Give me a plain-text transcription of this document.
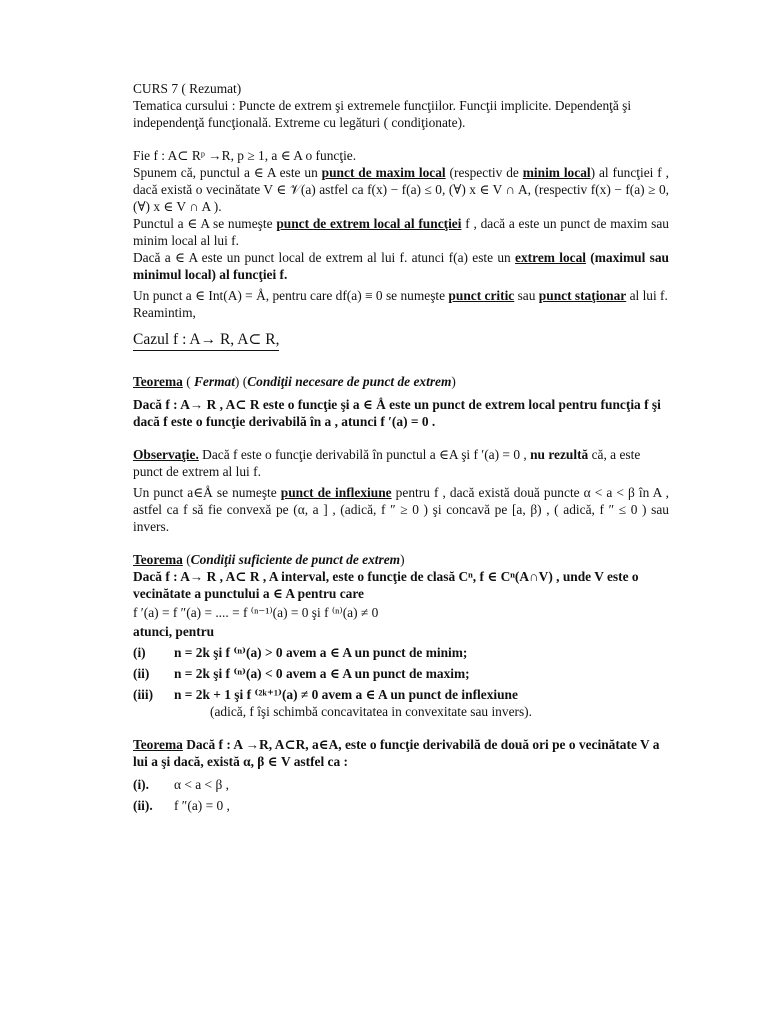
CURS 7 ( Rezumat)

Tematica cursului : Puncte de extrem şi extremele funcţiilor. Funcţii implicite. Dependenţă şi independenţă funcţională. Extreme cu legături ( condiţionate).

Fie f : A⊂ Rᵖ →R, p ≥ 1, a ∈ A o funcţie.

Spunem că, punctul a ∈ A este un punct de maxim local (respectiv de minim local) al funcţiei f , dacă există o vecinătate V ∈ 𝒱(a) astfel ca f(x) − f(a) ≤ 0, (∀) x ∈ V ∩ A, (respectiv f(x) − f(a) ≥ 0, (∀) x ∈ V ∩ A ).

Punctul a ∈ A se numeşte punct de extrem local al funcţiei f , dacă a este un punct de maxim sau minim local al lui f.

Dacă a ∈ A este un punct local de extrem al lui f. atunci f(a) este un extrem local (maximul sau minimul local) al funcţiei f.

Un punct a ∈ Int(A) = Å, pentru care df(a) ≡ 0 se numeşte punct critic sau punct staţionar al lui f.

Reamintim,

Cazul f : A→ R, A⊂ R,

Teorema ( Fermat) (Condiţii necesare de punct de extrem)

Dacă f : A→ R , A⊂ R este o funcţie şi a ∈ Å este un punct de extrem local pentru funcţia f şi dacă f este o funcţie derivabilă în a , atunci f ′(a) = 0 .

Observaţie. Dacă f este o funcţie derivabilă în punctul a ∈A şi f ′(a) = 0 , nu rezultă că, a este punct de extrem al lui f.

Un punct a∈Å se numeşte punct de inflexiune pentru f , dacă există două puncte α < a < β în A , astfel ca f să fie convexă pe (α, a ] , (adică, f ″ ≥ 0 ) şi concavă pe [a, β) , ( adică, f ″ ≤ 0 ) sau invers.

Teorema (Condiţii suficiente de punct de extrem)

Dacă f : A→ R , A⊂ R , A interval, este o funcţie de clasă Cⁿ, f ∈ Cⁿ(A∩V) , unde V este o vecinătate a punctului a ∈ A pentru care

f ′(a) = f ″(a) = .... = f ⁽ⁿ⁻¹⁾(a) = 0 şi f ⁽ⁿ⁾(a) ≠ 0

atunci, pentru

(i)	n = 2k şi f ⁽ⁿ⁾(a) > 0 avem a ∈ A un punct de minim;
(ii)	n = 2k şi f ⁽ⁿ⁾(a) < 0 avem a ∈ A un punct de maxim;
(iii)	n = 2k + 1 şi f ⁽²ᵏ⁺¹⁾(a) ≠ 0 avem a ∈ A un punct de inflexiune

(adică, f îşi schimbă concavitatea in convexitate sau invers).

Teorema Dacă f : A →R, A⊂R, a∈A, este o funcţie derivabilă de două ori pe o vecinătate V a lui a şi dacă, există α, β ∈ V astfel ca :

(i).	α < a < β ,
(ii).	f ″(a) = 0 ,
